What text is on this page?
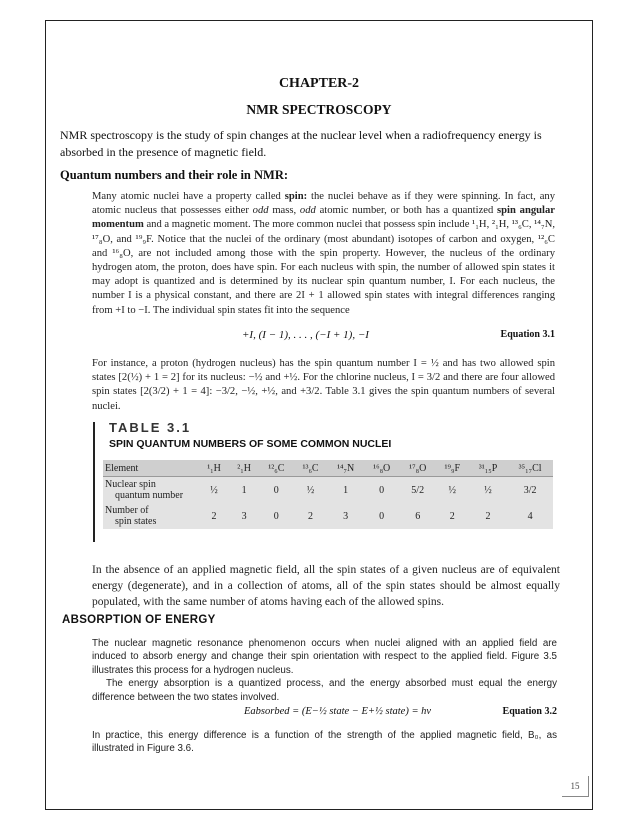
CHAPTER-2
NMR SPECTROSCOPY
NMR spectroscopy is the study of spin changes at the nuclear level when a radiofrequency energy is absorbed in the presence of magnetic field.
Quantum numbers and their role in NMR:
Many atomic nuclei have a property called spin: the nuclei behave as if they were spinning. In fact, any atomic nucleus that possesses either odd mass, odd atomic number, or both has a quantized spin angular momentum and a magnetic moment. The more common nuclei that possess spin include ¹₁H, ²₁H, ¹³₆C, ¹⁴₇N, ¹⁷₈O, and ¹⁹₉F. Notice that the nuclei of the ordinary (most abundant) isotopes of carbon and oxygen, ¹²₆C and ¹⁶₈O, are not included among those with the spin property. However, the nucleus of the ordinary hydrogen atom, the proton, does have spin. For each nucleus with spin, the number of allowed spin states it may adopt is quantized and is determined by its nuclear spin quantum number, I. For each nucleus, the number I is a physical constant, and there are 2I + 1 allowed spin states with integral differences ranging from +I to −I. The individual spin states fit into the sequence
+I, (I − 1), . . . , (−I + 1), −I	Equation 3.1
For instance, a proton (hydrogen nucleus) has the spin quantum number I = ½ and has two allowed spin states [2(½) + 1 = 2] for its nucleus: −½ and +½. For the chlorine nucleus, I = 3/2 and there are four allowed spin states [2(3/2) + 1 = 4]: −3/2, −½, +½, and +3/2. Table 3.1 gives the spin quantum numbers of several nuclei.
TABLE 3.1
SPIN QUANTUM NUMBERS OF SOME COMMON NUCLEI
Element	¹₁H	²₁H	¹²₆C	¹³₆C	¹⁴₇N	¹⁶₈O	¹⁷₈O	¹⁹₉F	³¹₁₅P	³⁵₁₇Cl
Nuclear spin
quantum number	½	1	0	½	1	0	5/2	½	½	3/2
Number of
spin states	2	3	0	2	3	0	6	2	2	4
In the absence of an applied magnetic field, all the spin states of a given nucleus are of equivalent energy (degenerate), and in a collection of atoms, all of the spin states should be almost equally populated, with the same number of atoms having each of the allowed spins.
ABSORPTION OF ENERGY
The nuclear magnetic resonance phenomenon occurs when nuclei aligned with an applied field are induced to absorb energy and change their spin orientation with respect to the applied field. Figure 3.5 illustrates this process for a hydrogen nucleus.
The energy absorption is a quantized process, and the energy absorbed must equal the energy difference between the two states involved.
Eabsorbed = (E−½ state − E+½ state) = hν	Equation 3.2
In practice, this energy difference is a function of the strength of the applied magnetic field, B₀, as illustrated in Figure 3.6.
15
